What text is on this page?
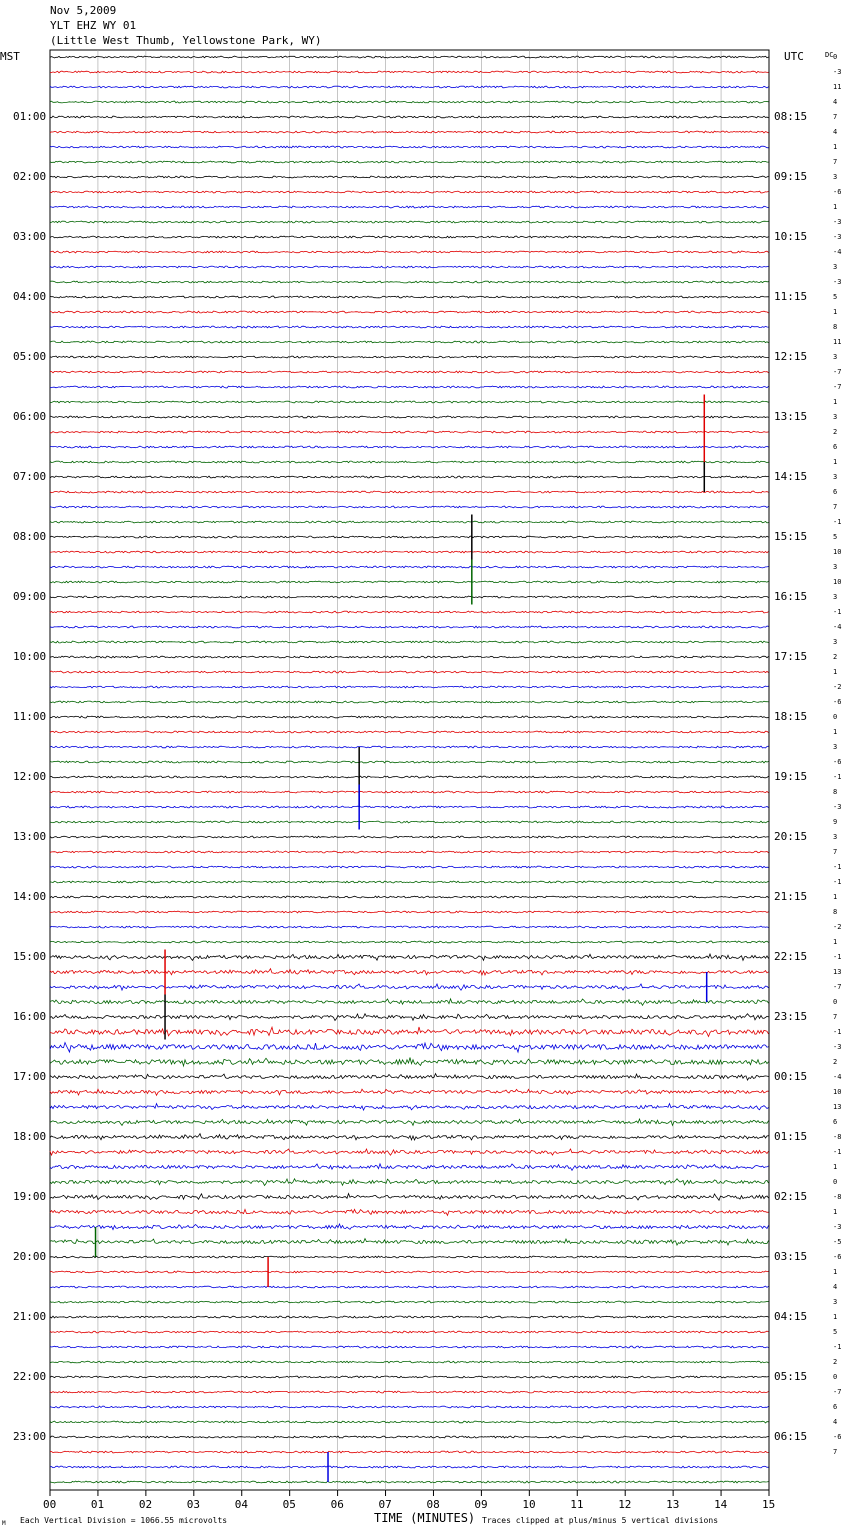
Nov 5,2009
YLT EHZ WY 01
(Little West Thumb, Yellowstone Park, WY)
MST	UTC	DC
01:00
02:00
03:00
04:00
05:00
06:00
07:00
08:00
09:00
10:00
11:00
12:00
13:00
14:00
15:00
16:00
17:00
18:00
19:00
20:00
21:00
22:00
23:00
08:15
09:15
10:15
11:15
12:15
13:15
14:15
15:15
16:15
17:15
18:15
19:15
20:15
21:15
22:15
23:15
00:15
01:15
02:15
03:15
04:15
05:15
06:15
0
-3
11
4
7
4
1
7
3
-6
1
-3
-3
-4
3
-3
5
1
8
11
3
-7
-7
1
3
2
6
1
3
6
7
-1
5
10
3
10
3
-1
-4
3
2
1
-2
-6
0
1
3
-6
-1
8
-3
9
3
7
-1
-1
1
8
-2
1
-1
13
-7
0
7
-1
-3
2
-4
10
13
6
-8
-1
1
0
-8
1
-3
-5
-6
1
4
3
1
5
-1
2
0
-7
6
4
-6
7
00	01	02	03	04	05	06	07	08	09	10	11	12	13	14	15
TIME (MINUTES)
Each Vertical Division = 1066.55 microvolts	Traces clipped at plus/minus 5 vertical divisions
M
